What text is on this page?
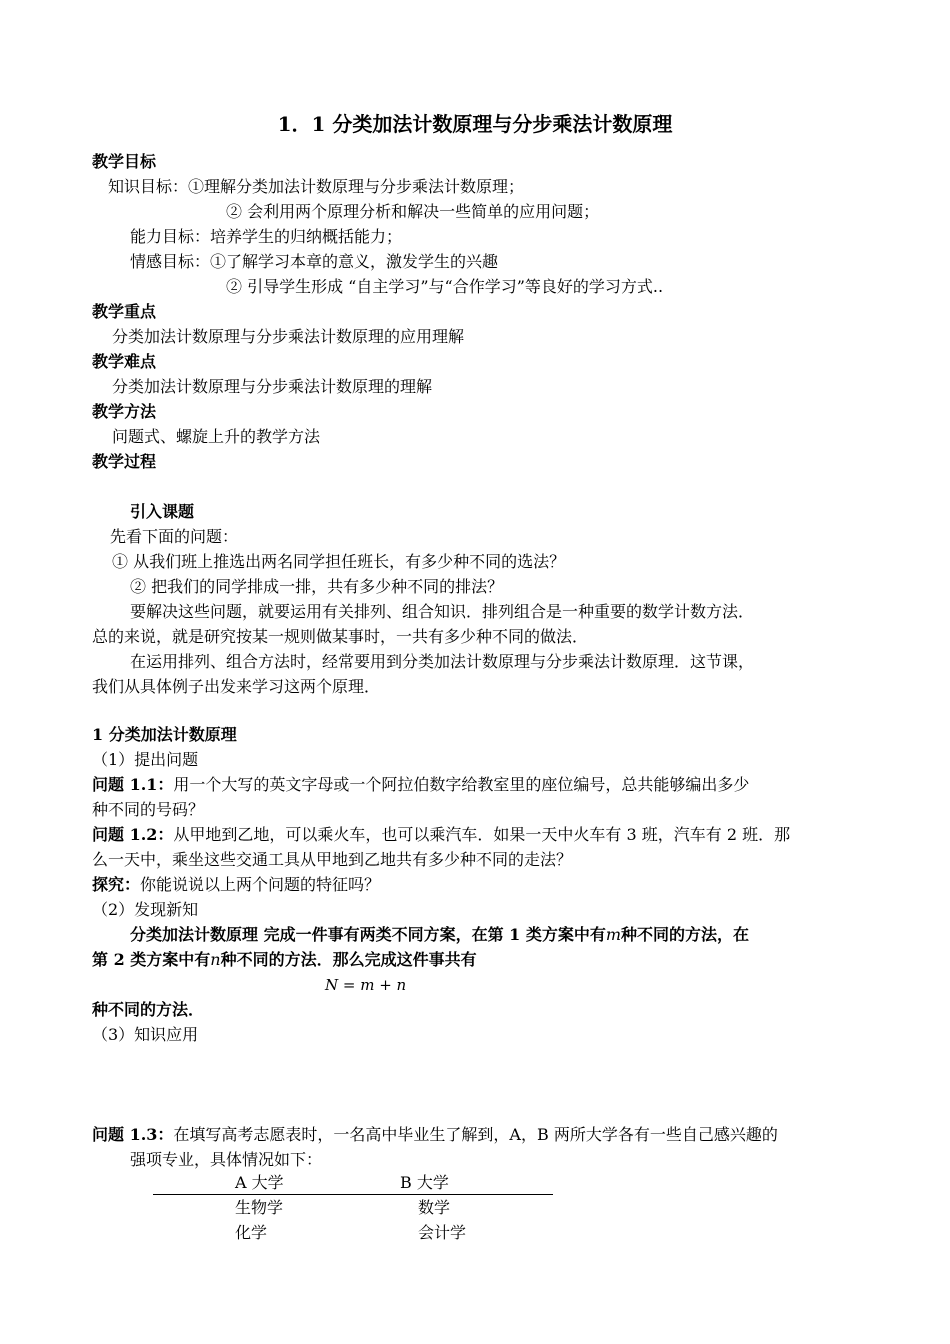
1．1 分类加法计数原理与分步乘法计数原理
教学目标
知识目标：①理解分类加法计数原理与分步乘法计数原理；
② 会利用两个原理分析和解决一些简单的应用问题；
能力目标：培养学生的归纳概括能力；
情感目标：①了解学习本章的意义，激发学生的兴趣
② 引导学生形成 “自主学习”与“合作学习”等良好的学习方式..
教学重点
分类加法计数原理与分步乘法计数原理的应用理解
教学难点
分类加法计数原理与分步乘法计数原理的理解
教学方法
问题式、螺旋上升的教学方法
教学过程
引入课题
先看下面的问题：
① 从我们班上推选出两名同学担任班长，有多少种不同的选法？
② 把我们的同学排成一排，共有多少种不同的排法？
要解决这些问题，就要运用有关排列、组合知识．排列组合是一种重要的数学计数方法．
总的来说，就是研究按某一规则做某事时，一共有多少种不同的做法．
在运用排列、组合方法时，经常要用到分类加法计数原理与分步乘法计数原理．这节课，
我们从具体例子出发来学习这两个原理．
1 分类加法计数原理
（1）提出问题
问题 1.1：用一个大写的英文字母或一个阿拉伯数字给教室里的座位编号，总共能够编出多少
种不同的号码？
问题 1.2：从甲地到乙地，可以乘火车，也可以乘汽车．如果一天中火车有 3 班，汽车有 2 班．那
么一天中，乘坐这些交通工具从甲地到乙地共有多少种不同的走法？
探究：你能说说以上两个问题的特征吗？
（2）发现新知
分类加法计数原理 完成一件事有两类不同方案，在第 1 类方案中有m种不同的方法，在
第 2 类方案中有n种不同的方法．那么完成这件事共有
N = m + n
种不同的方法．
（3）知识应用
问题 1.3：在填写高考志愿表时，一名高中毕业生了解到，A，B 两所大学各有一些自己感兴趣的
强项专业，具体情况如下：
A 大学	B 大学
生物学	数学
化学	会计学
